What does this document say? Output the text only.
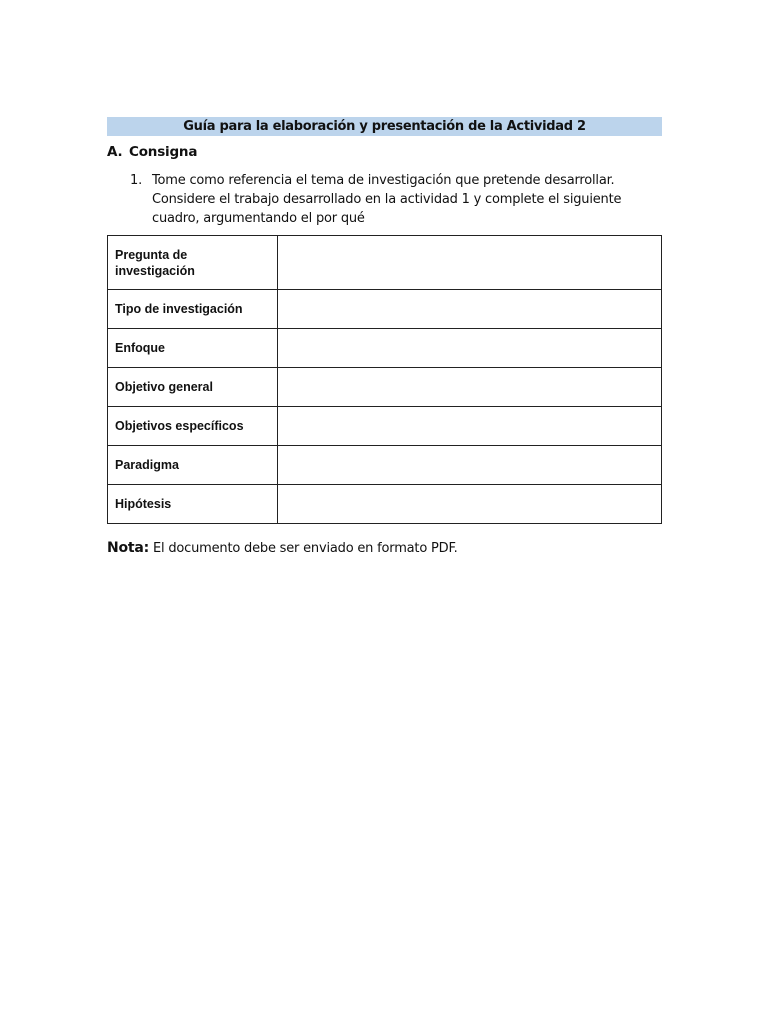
Guía para la elaboración y presentación de la Actividad 2
A. Consigna
1. Tome como referencia el tema de investigación que pretende desarrollar. Considere el trabajo desarrollado en la actividad 1 y complete el siguiente cuadro, argumentando el por qué
Pregunta de investigación	
Tipo de investigación	
Enfoque	
Objetivo general	
Objetivos específicos	
Paradigma	
Hipótesis	
Nota: El documento debe ser enviado en formato PDF.
